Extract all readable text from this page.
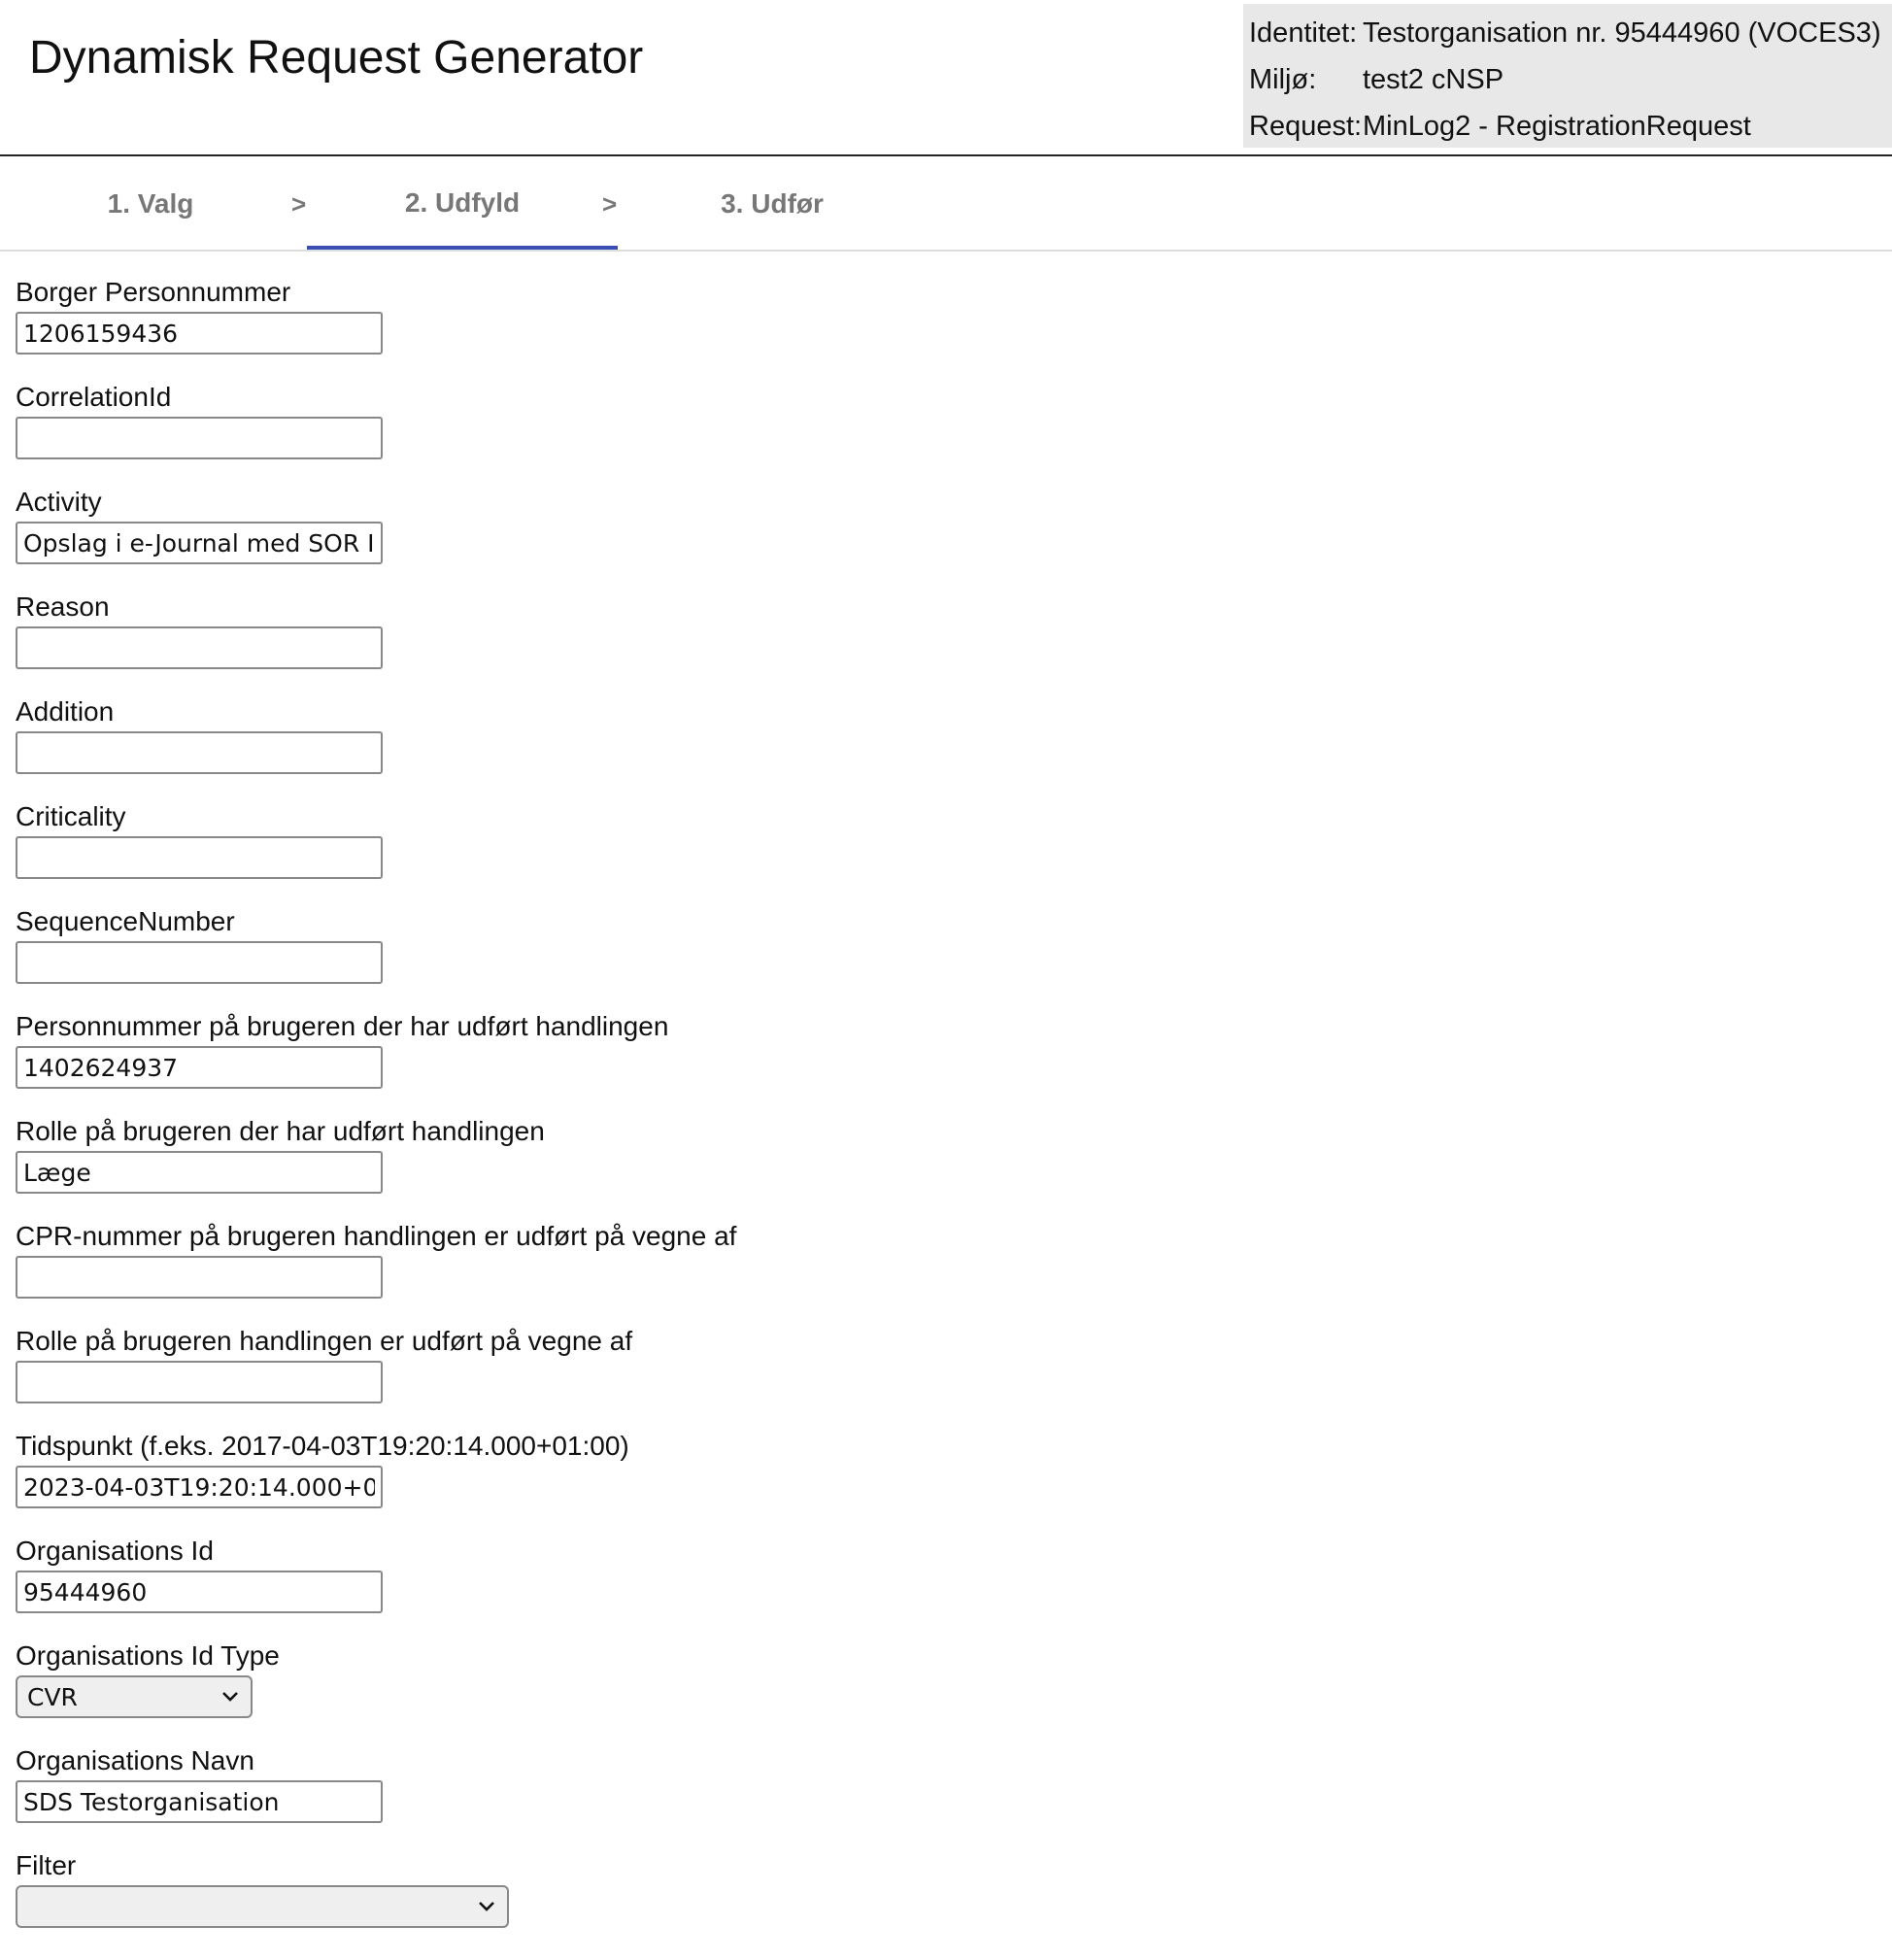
Dynamisk Request Generator	Identitet: Testorganisation nr. 95444960 (VOCES3)
Miljø:	test2 cNSP
Request: MinLog2 - RegistrationRequest
1. Valg	>	2. Udfyld	>	3. Udfør
Borger Personnummer
1206159436
CorrelationId
Activity
Opslag i e-Journal med SOR I
Reason
Addition
Criticality
SequenceNumber
Personnummer på brugeren der har udført handlingen
1402624937
Rolle på brugeren der har udført handlingen
Læge
CPR-nummer på brugeren handlingen er udført på vegne af
Rolle på brugeren handlingen er udført på vegne af
Tidspunkt (f.eks. 2017-04-03T19:20:14.000+01:00)
2023-04-03T19:20:14.000+0
Organisations Id
95444960
Organisations Id Type
CVR
Organisations Navn
SDS Testorganisation
Filter
